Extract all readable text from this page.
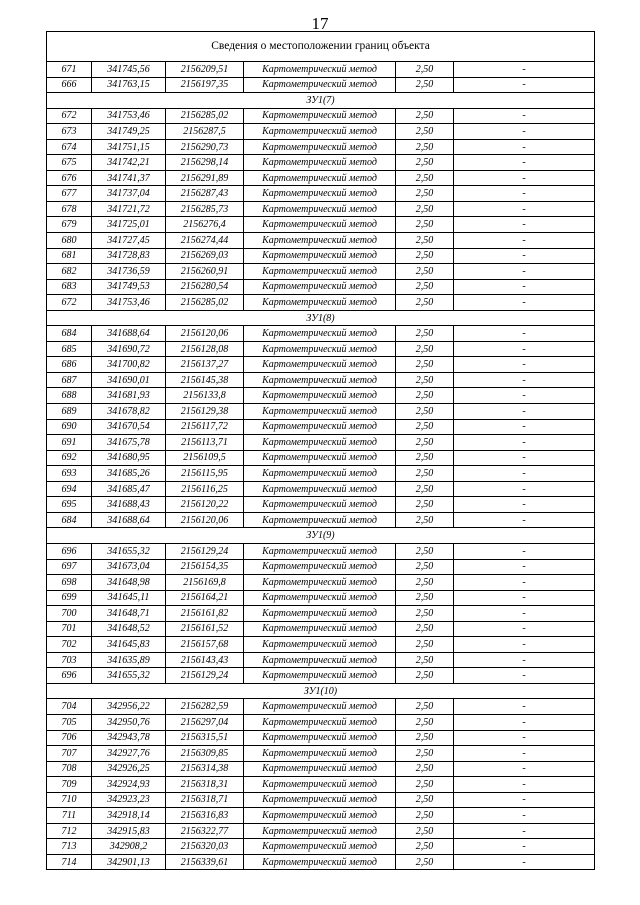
17
Сведения о местоположении границ объекта					
671	341745,56	2156209,51	Картометрический метод	2,50	-
666	341763,15	2156197,35	Картометрический метод	2,50	-
ЗУ1(7)					
672	341753,46	2156285,02	Картометрический метод	2,50	-
673	341749,25	2156287,5	Картометрический метод	2,50	-
674	341751,15	2156290,73	Картометрический метод	2,50	-
675	341742,21	2156298,14	Картометрический метод	2,50	-
676	341741,37	2156291,89	Картометрический метод	2,50	-
677	341737,04	2156287,43	Картометрический метод	2,50	-
678	341721,72	2156285,73	Картометрический метод	2,50	-
679	341725,01	2156276,4	Картометрический метод	2,50	-
680	341727,45	2156274,44	Картометрический метод	2,50	-
681	341728,83	2156269,03	Картометрический метод	2,50	-
682	341736,59	2156260,91	Картометрический метод	2,50	-
683	341749,53	2156280,54	Картометрический метод	2,50	-
672	341753,46	2156285,02	Картометрический метод	2,50	-
ЗУ1(8)					
684	341688,64	2156120,06	Картометрический метод	2,50	-
685	341690,72	2156128,08	Картометрический метод	2,50	-
686	341700,82	2156137,27	Картометрический метод	2,50	-
687	341690,01	2156145,38	Картометрический метод	2,50	-
688	341681,93	2156133,8	Картометрический метод	2,50	-
689	341678,82	2156129,38	Картометрический метод	2,50	-
690	341670,54	2156117,72	Картометрический метод	2,50	-
691	341675,78	2156113,71	Картометрический метод	2,50	-
692	341680,95	2156109,5	Картометрический метод	2,50	-
693	341685,26	2156115,95	Картометрический метод	2,50	-
694	341685,47	2156116,25	Картометрический метод	2,50	-
695	341688,43	2156120,22	Картометрический метод	2,50	-
684	341688,64	2156120,06	Картометрический метод	2,50	-
ЗУ1(9)					
696	341655,32	2156129,24	Картометрический метод	2,50	-
697	341673,04	2156154,35	Картометрический метод	2,50	-
698	341648,98	2156169,8	Картометрический метод	2,50	-
699	341645,11	2156164,21	Картометрический метод	2,50	-
700	341648,71	2156161,82	Картометрический метод	2,50	-
701	341648,52	2156161,52	Картометрический метод	2,50	-
702	341645,83	2156157,68	Картометрический метод	2,50	-
703	341635,89	2156143,43	Картометрический метод	2,50	-
696	341655,32	2156129,24	Картометрический метод	2,50	-
ЗУ1(10)					
704	342956,22	2156282,59	Картометрический метод	2,50	-
705	342950,76	2156297,04	Картометрический метод	2,50	-
706	342943,78	2156315,51	Картометрический метод	2,50	-
707	342927,76	2156309,85	Картометрический метод	2,50	-
708	342926,25	2156314,38	Картометрический метод	2,50	-
709	342924,93	2156318,31	Картометрический метод	2,50	-
710	342923,23	2156318,71	Картометрический метод	2,50	-
711	342918,14	2156316,83	Картометрический метод	2,50	-
712	342915,83	2156322,77	Картометрический метод	2,50	-
713	342908,2	2156320,03	Картометрический метод	2,50	-
714	342901,13	2156339,61	Картометрический метод	2,50	-
